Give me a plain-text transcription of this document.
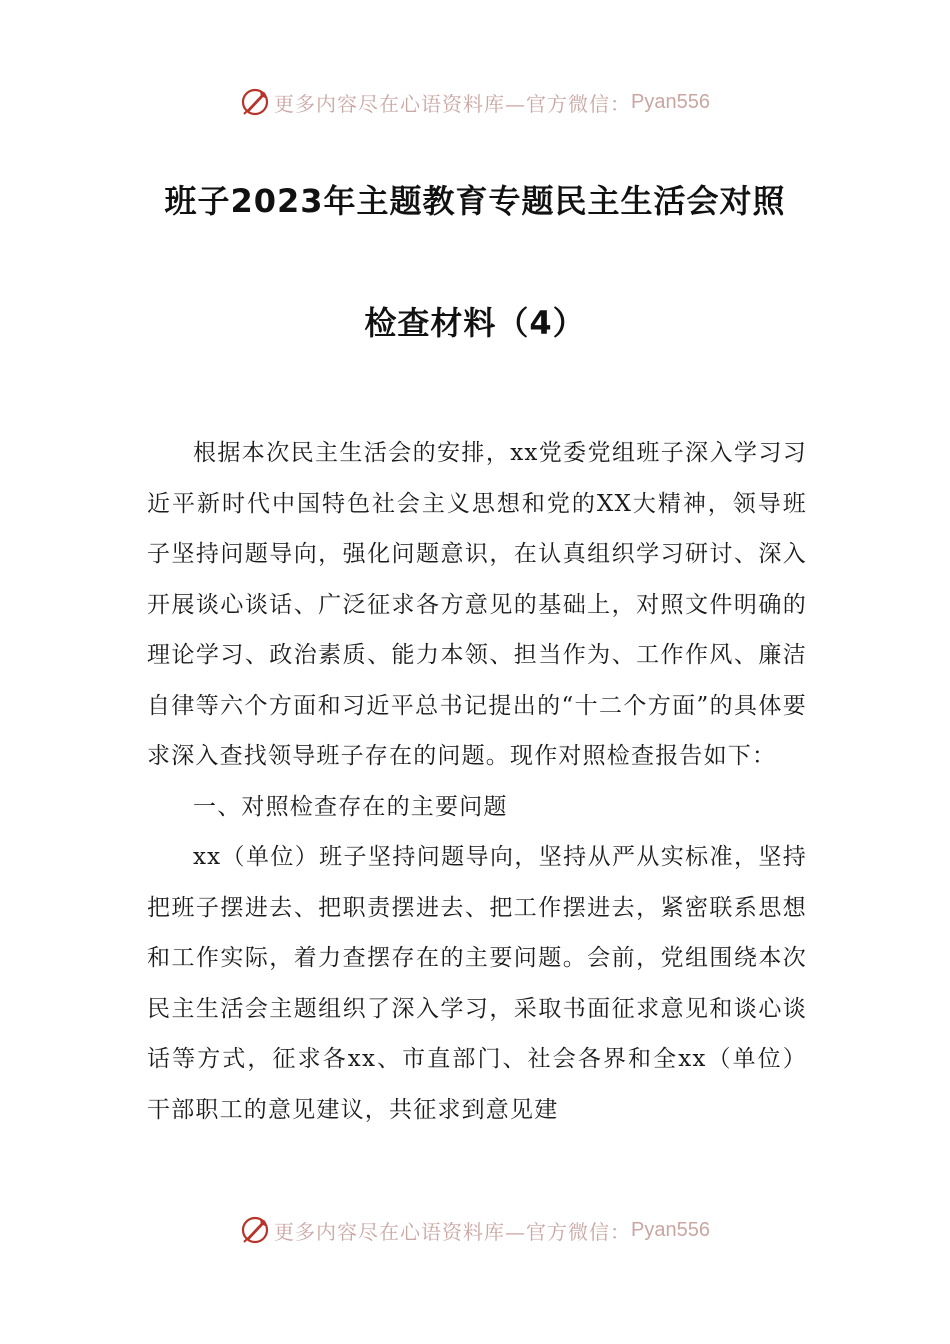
更多内容尽在心语资料库—官方微信： Pyan556
班子2023年主题教育专题民主生活会对照
检查材料（4）

根据本次民主生活会的安排，xx党委党组班子深入学习习近平新时代中国特色社会主义思想和党的XX大精神，领导班子坚持问题导向，强化问题意识，在认真组织学习研讨、深入开展谈心谈话、广泛征求各方意见的基础上，对照文件明确的理论学习、政治素质、能力本领、担当作为、工作作风、廉洁自律等六个方面和习近平总书记提出的“十二个方面”的具体要求深入查找领导班子存在的问题。现作对照检查报告如下：

一、对照检查存在的主要问题

xx（单位）班子坚持问题导向，坚持从严从实标准，坚持把班子摆进去、把职责摆进去、把工作摆进去，紧密联系思想和工作实际，着力查摆存在的主要问题。会前，党组围绕本次民主生活会主题组织了深入学习，采取书面征求意见和谈心谈话等方式，征求各xx、市直部门、社会各界和全xx（单位）干部职工的意见建议，共征求到意见建

更多内容尽在心语资料库—官方微信： Pyan556
